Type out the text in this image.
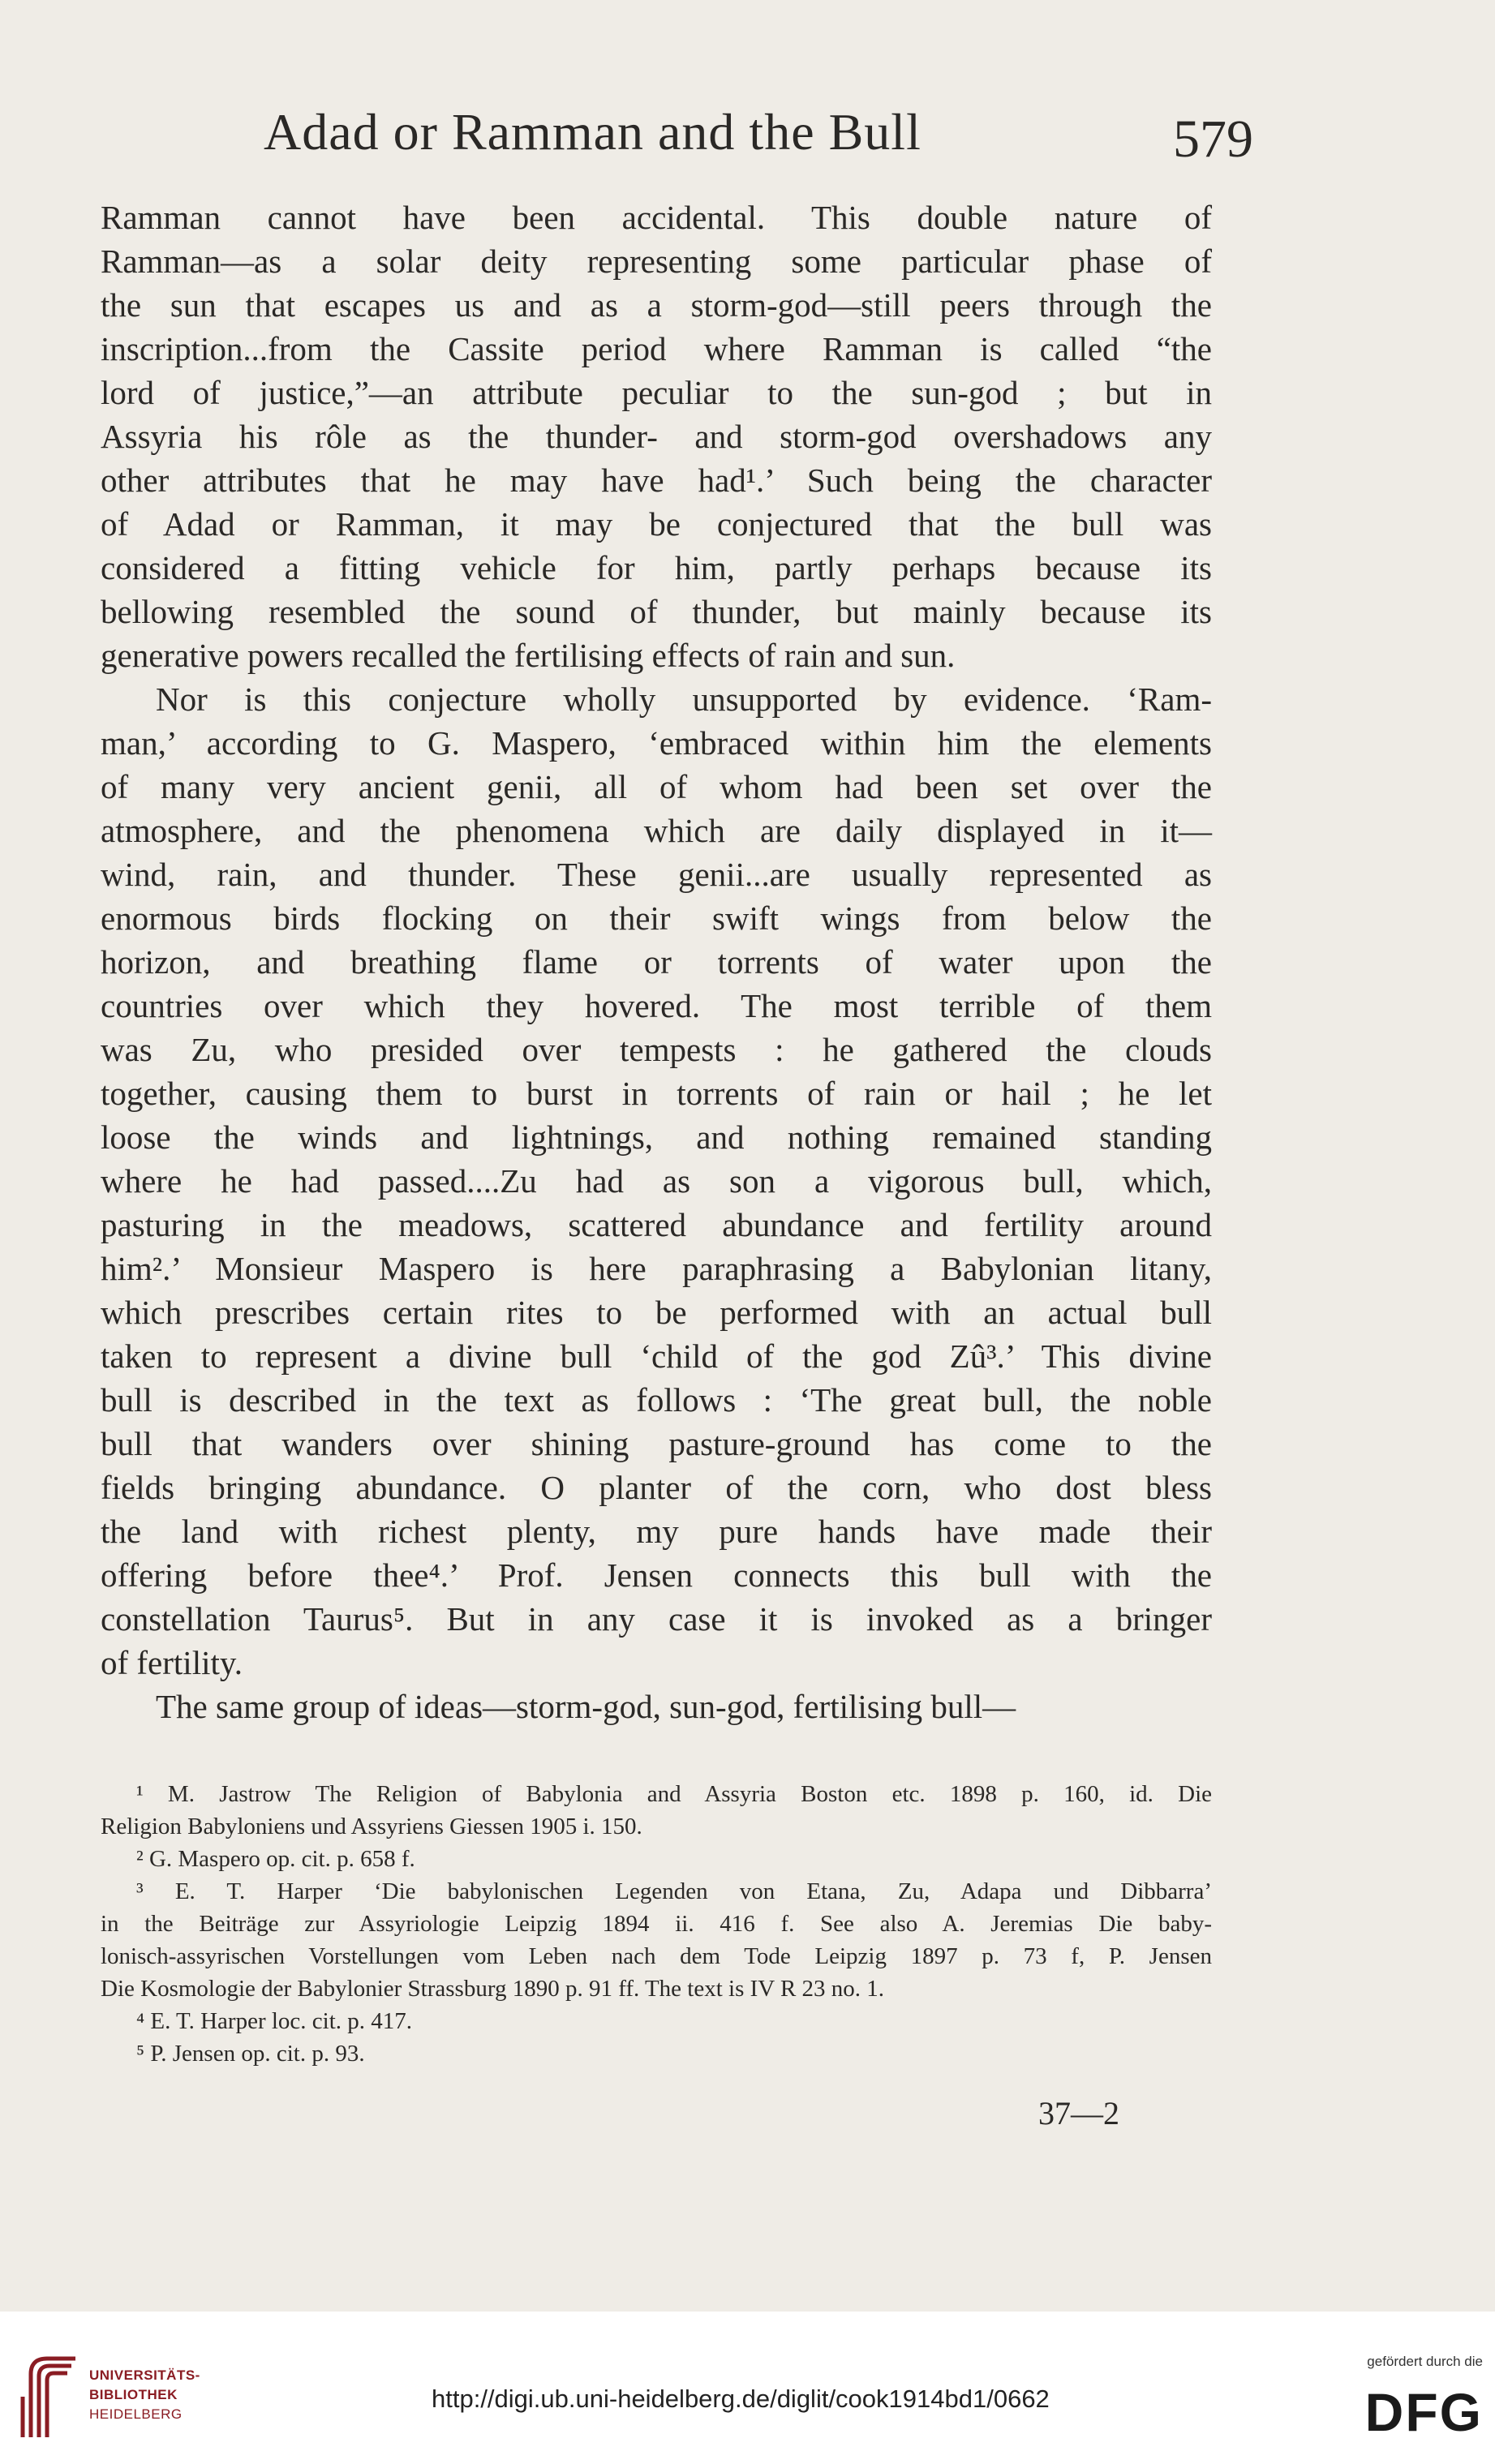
Adad or Ramman and the Bull	579
Ramman cannot have been accidental. This double nature of
Ramman—as a solar deity representing some particular phase of
the sun that escapes us and as a storm-god—still peers through the
inscription...from the Cassite period where Ramman is called “the
lord of justice,”—an attribute peculiar to the sun-god ; but in
Assyria his rôle as the thunder- and storm-god overshadows any
other attributes that he may have had¹.’ Such being the character
of Adad or Ramman, it may be conjectured that the bull was
considered a fitting vehicle for him, partly perhaps because its
bellowing resembled the sound of thunder, but mainly because its
generative powers recalled the fertilising effects of rain and sun.
Nor is this conjecture wholly unsupported by evidence. ‘Ram-
man,’ according to G. Maspero, ‘embraced within him the elements
of many very ancient genii, all of whom had been set over the
atmosphere, and the phenomena which are daily displayed in it—
wind, rain, and thunder. These genii...are usually represented as
enormous birds flocking on their swift wings from below the
horizon, and breathing flame or torrents of water upon the
countries over which they hovered. The most terrible of them
was Zu, who presided over tempests : he gathered the clouds
together, causing them to burst in torrents of rain or hail ; he let
loose the winds and lightnings, and nothing remained standing
where he had passed....Zu had as son a vigorous bull, which,
pasturing in the meadows, scattered abundance and fertility around
him².’ Monsieur Maspero is here paraphrasing a Babylonian litany,
which prescribes certain rites to be performed with an actual bull
taken to represent a divine bull ‘child of the god Zû³.’ This divine
bull is described in the text as follows : ‘The great bull, the noble
bull that wanders over shining pasture-ground has come to the
fields bringing abundance. O planter of the corn, who dost bless
the land with richest plenty, my pure hands have made their
offering before thee⁴.’ Prof. Jensen connects this bull with the
constellation Taurus⁵. But in any case it is invoked as a bringer
of fertility.
The same group of ideas—storm-god, sun-god, fertilising bull—
¹ M. Jastrow The Religion of Babylonia and Assyria Boston etc. 1898 p. 160, id. Die
Religion Babyloniens und Assyriens Giessen 1905 i. 150.
² G. Maspero op. cit. p. 658 f.
³ E. T. Harper ‘Die babylonischen Legenden von Etana, Zu, Adapa und Dibbarra’
in the Beiträge zur Assyriologie Leipzig 1894 ii. 416 f. See also A. Jeremias Die baby-
lonisch-assyrischen Vorstellungen vom Leben nach dem Tode Leipzig 1897 p. 73 f, P. Jensen
Die Kosmologie der Babylonier Strassburg 1890 p. 91 ff. The text is IV R 23 no. 1.
⁴ E. T. Harper loc. cit. p. 417.
⁵ P. Jensen op. cit. p. 93.
37—2
UNIVERSITÄTS-
BIBLIOTHEK
HEIDELBERG
http://digi.ub.uni-heidelberg.de/diglit/cook1914bd1/0662
gefördert durch die
DFG
